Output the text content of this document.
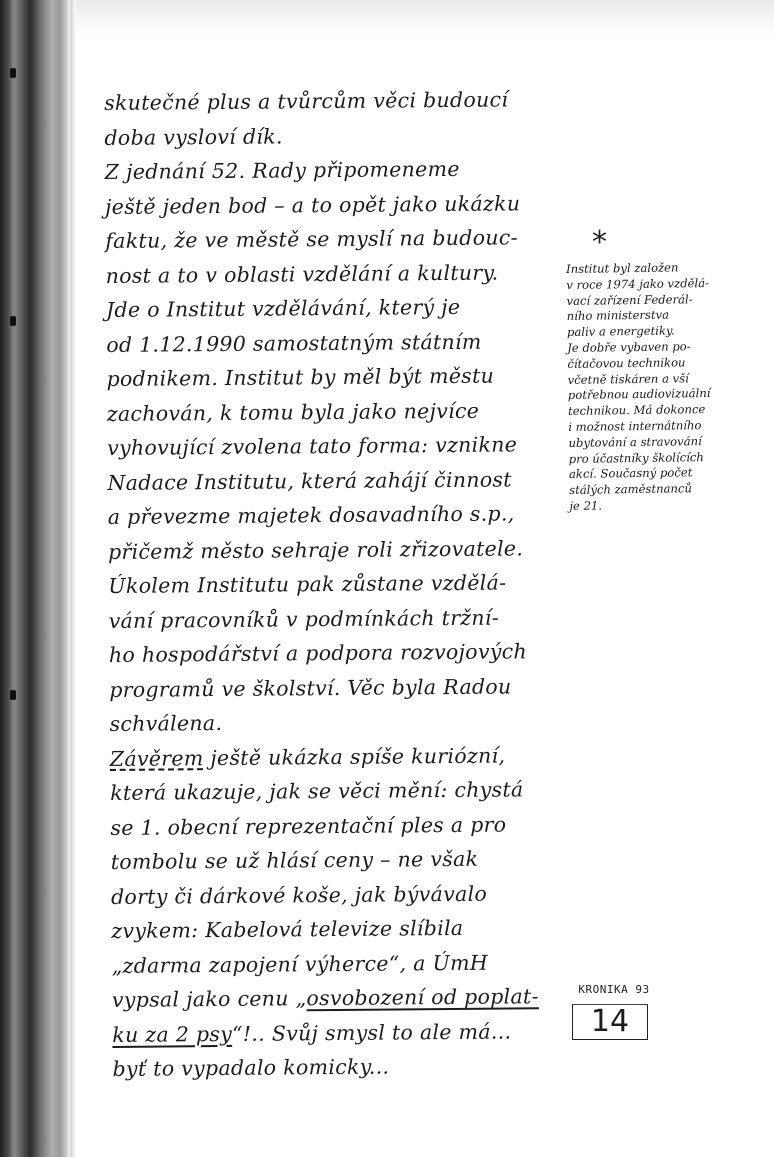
skutečné plus a tvůrcům věci budoucí
doba vysloví dík.
Z jednání 52. Rady připomeneme
ještě jeden bod – a to opět jako ukázku
faktu, že ve městě se myslí na budouc-
nost a to v oblasti vzdělání a kultury.
Jde o Institut vzdělávání, který je
od 1.12.1990 samostatným státním
podnikem. Institut by měl být městu
zachován, k tomu byla jako nejvíce
vyhovující zvolena tato forma: vznikne
Nadace Institutu, která zahájí činnost
a převezme majetek dosavadního s.p.,
přičemž město sehraje roli zřizovatele.
Úkolem Institutu pak zůstane vzdělá-
vání pracovníků v podmínkách tržní-
ho hospodářství a podpora rozvojových
programů ve školství. Věc byla Radou
schválena.
Závěrem ještě ukázka spíše kuriózní,
která ukazuje, jak se věci mění: chystá
se 1. obecní reprezentační ples a pro
tombolu se už hlásí ceny – ne však
dorty či dárkové koše, jak bývávalo
zvykem: Kabelová televize slíbila
„zdarma zapojení výherce“, a ÚmH
vypsal jako cenu „osvobození od poplat-
ku za 2 psy“!.. Svůj smysl to ale má...
byť to vypadalo komicky...
*
Institut byl založen
v roce 1974 jako vzdělá-
vací zařízení Federál-
ního ministerstva
paliv a energetiky.
Je dobře vybaven po-
čítačovou technikou
včetně tiskáren a vší
potřebnou audiovizuální
technikou. Má dokonce
i možnost internátního
ubytování a stravování
pro účastníky školících
akcí. Současný počet
stálých zaměstnanců
je 21.
KRONIKA 93
14
